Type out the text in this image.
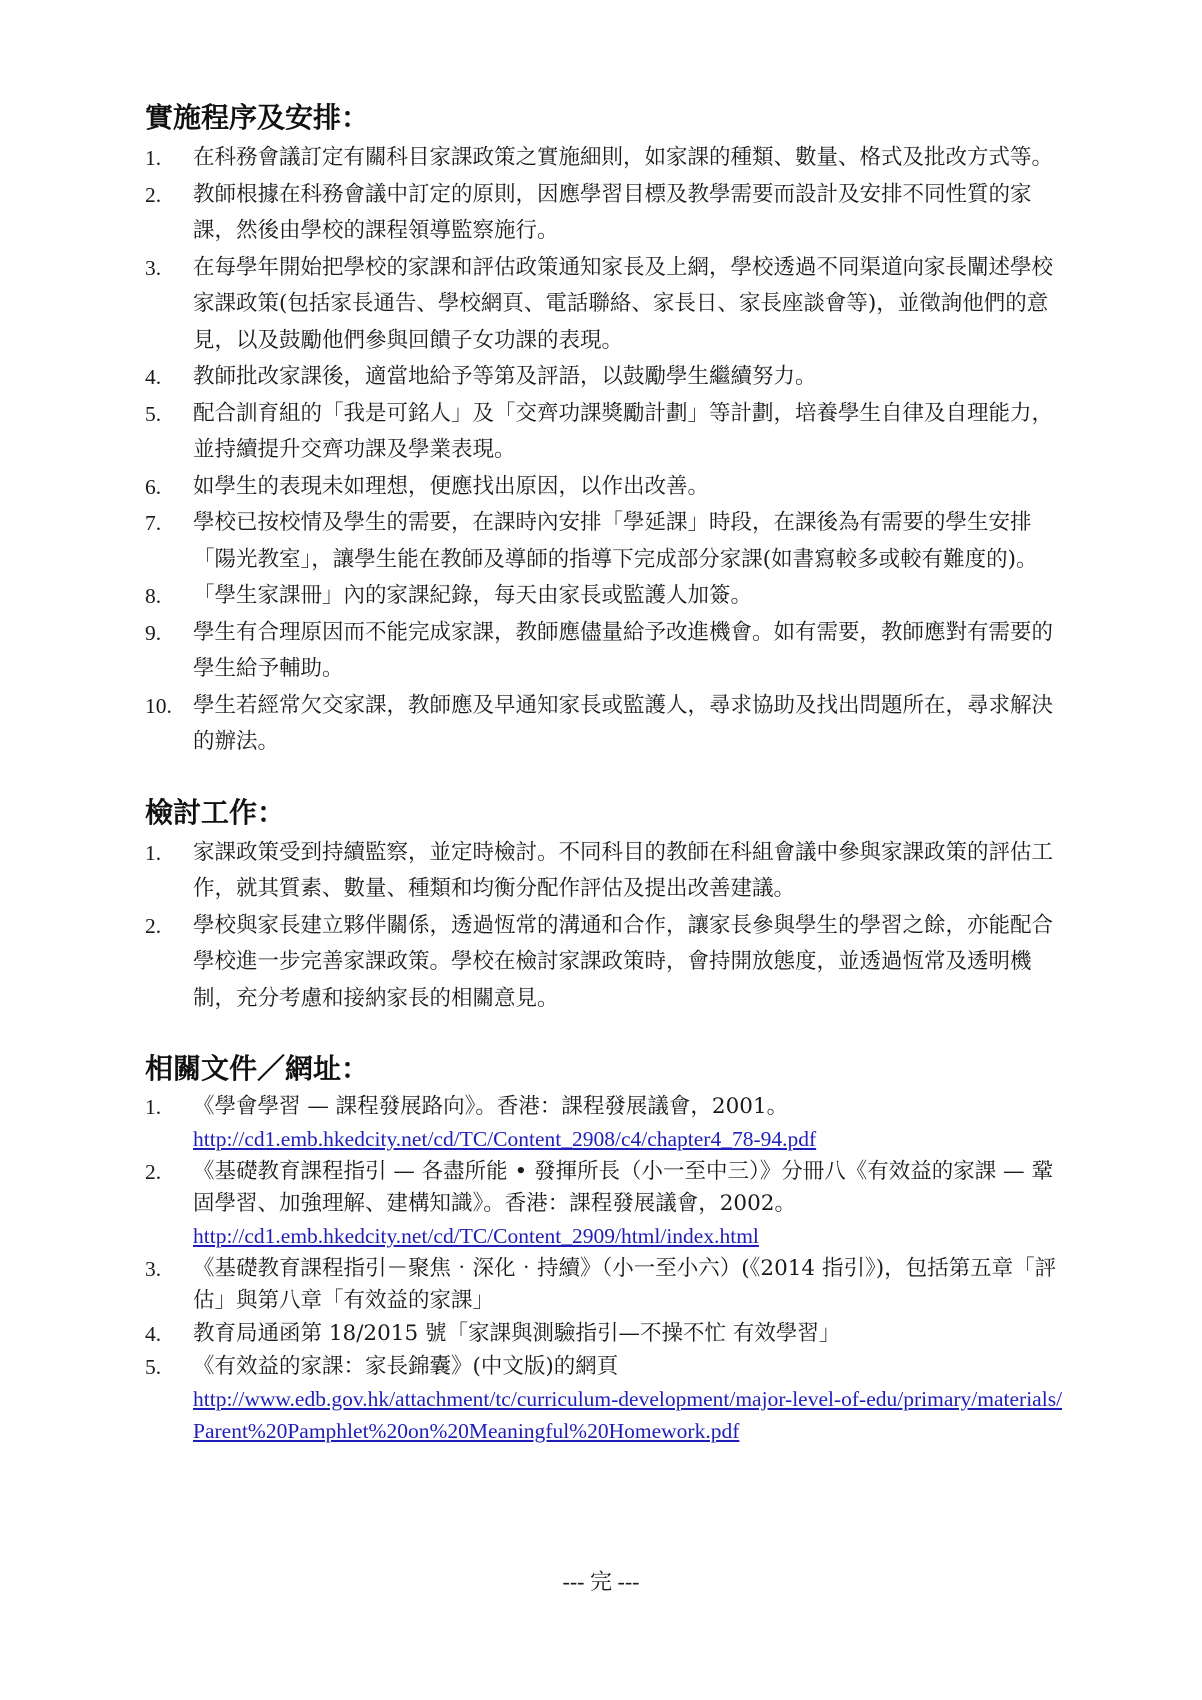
實施程序及安排：
1. 在科務會議訂定有關科目家課政策之實施細則，如家課的種類、數量、格式及批改方式等。
2. 教師根據在科務會議中訂定的原則，因應學習目標及教學需要而設計及安排不同性質的家課，然後由學校的課程領導監察施行。
3. 在每學年開始把學校的家課和評估政策通知家長及上網，學校透過不同渠道向家長闡述學校家課政策(包括家長通告、學校網頁、電話聯絡、家長日、家長座談會等)，並徵詢他們的意見，以及鼓勵他們參與回饋子女功課的表現。
4. 教師批改家課後，適當地給予等第及評語，以鼓勵學生繼續努力。
5. 配合訓育組的「我是可銘人」及「交齊功課獎勵計劃」等計劃，培養學生自律及自理能力，並持續提升交齊功課及學業表現。
6. 如學生的表現未如理想，便應找出原因，以作出改善。
7. 學校已按校情及學生的需要，在課時內安排「學延課」時段，在課後為有需要的學生安排「陽光教室」，讓學生能在教師及導師的指導下完成部分家課(如書寫較多或較有難度的)。
8. 「學生家課冊」內的家課紀錄，每天由家長或監護人加簽。
9. 學生有合理原因而不能完成家課，教師應儘量給予改進機會。如有需要，教師應對有需要的學生給予輔助。
10. 學生若經常欠交家課，教師應及早通知家長或監護人，尋求協助及找出問題所在，尋求解決的辦法。
檢討工作：
1. 家課政策受到持續監察，並定時檢討。不同科目的教師在科組會議中參與家課政策的評估工作，就其質素、數量、種類和均衡分配作評估及提出改善建議。
2. 學校與家長建立夥伴關係，透過恆常的溝通和合作，讓家長參與學生的學習之餘，亦能配合學校進一步完善家課政策。學校在檢討家課政策時，會持開放態度，並透過恆常及透明機制，充分考慮和接納家長的相關意見。
相關文件／網址：
1. 《學會學習 — 課程發展路向》。香港：課程發展議會，2001。
http://cd1.emb.hkedcity.net/cd/TC/Content_2908/c4/chapter4_78-94.pdf
2. 《基礎教育課程指引 — 各盡所能 • 發揮所長（小一至中三）》分冊八《有效益的家課 — 鞏固學習、加強理解、建構知識》。香港：課程發展議會，2002。
http://cd1.emb.hkedcity.net/cd/TC/Content_2909/html/index.html
3. 《基礎教育課程指引－聚焦‧深化‧持續》（小一至小六）(《2014 指引》)，包括第五章「評估」與第八章「有效益的家課」
4. 教育局通函第 18/2015 號「家課與測驗指引—不操不忙 有效學習」
5. 《有效益的家課：家長錦囊》(中文版)的網頁
http://www.edb.gov.hk/attachment/tc/curriculum-development/major-level-of-edu/primary/materials/Parent%20Pamphlet%20on%20Meaningful%20Homework.pdf
--- 完 ---
